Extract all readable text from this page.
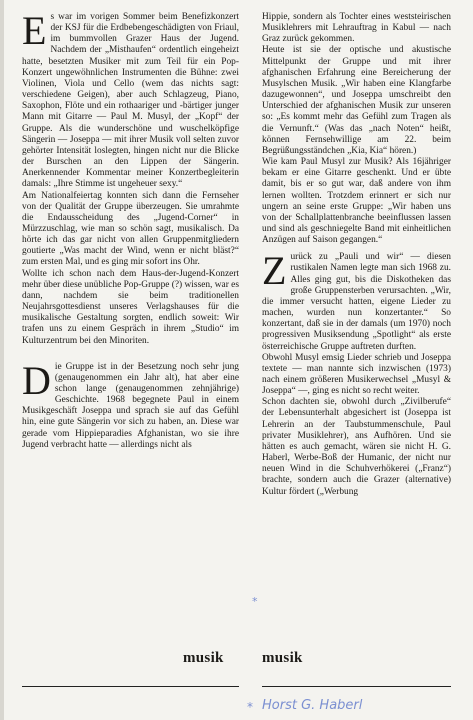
Es war im vorigen Sommer beim Benefizkonzert der KSJ für die Erdbebengeschädigten von Friaul, im bummvollen Grazer Haus der Jugend. Nachdem der „Misthaufen“ ordentlich eingeheizt hatte, besetzten Musiker mit zum Teil für ein Pop-Konzert ungewöhnlichen Instrumenten die Bühne: zwei Violinen, Viola und Cello (wem das nichts sagt: verschiedene Geigen), aber auch Schlagzeug, Piano, Saxophon, Flöte und ein rothaariger und -bärtiger junger Mann mit Gitarre — Paul M. Musyl, der „Kopf“ der Gruppe. Als die wunderschöne und wuschelköpfige Sängerin — Joseppa — mit ihrer Musik voll selten zuvor gehörter Intensität loslegten, hingen nicht nur die Blicke der Burschen an den Lippen der Sängerin. Anerkennender Kommentar meiner Konzertbegleiterin damals: „Ihre Stimme ist ungeheuer sexy.“

Am Nationalfeiertag konnten sich dann die Fernseher von der Qualität der Gruppe überzeugen. Sie umrahmte die Endausscheidung des „Jugend-Corner“ in Mürzzuschlag, wie man so schön sagt, musikalisch. Da hörte ich das gar nicht von allen Gruppenmitgliedern goutierte „Was macht der Wind, wenn er nicht bläst?“ zum ersten Mal, und es ging mir sofort ins Ohr.

Wollte ich schon nach dem Haus-der-Jugend-Konzert mehr über diese unübliche Pop-Gruppe (?) wissen, war es dann, nachdem sie beim traditionellen Neujahrsgottesdienst unseres Verlagshauses für die musikalische Gestaltung sorgten, endlich soweit: Wir trafen uns zu einem Gespräch in ihrem „Studio“ im Kulturzentrum bei den Minoriten.

Die Gruppe ist in der Besetzung noch sehr jung (genaugenommen ein Jahr alt), hat aber eine schon lange (genaugenommen zehnjährige) Geschichte. 1968 begegnete Paul in einem Musikgeschäft Joseppa und sprach sie auf das Gefühl hin, eine gute Sängerin vor sich zu haben, an. Diese war gerade vom Hippieparadies Afghanistan, wo sie ihre Jugend verbracht hatte — allerdings nicht als

Hippie, sondern als Tochter eines weststeirischen Musiklehrers mit Lehrauftrag in Kabul — nach Graz zurück gekommen.

Heute ist sie der optische und akustische Mittelpunkt der Gruppe und mit ihrer afghanischen Erfahrung eine Bereicherung der Musylschen Musik. „Wir haben eine Klangfarbe dazugewonnen“, und Joseppa umschreibt den Unterschied der afghanischen Musik zur unseren so: „Es kommt mehr das Gefühl zum Tragen als die Vernunft.“ (Was das „nach Noten“ heißt, können Fernsehwillige am 22. beim Begrüßungsständchen „Kia, Kia“ hören.)

Wie kam Paul Musyl zur Musik? Als 16jähriger bekam er eine Gitarre geschenkt. Und er übte damit, bis er so gut war, daß andere von ihm lernen wollten. Trotzdem erinnert er sich nur ungern an seine erste Gruppe: „Wir haben uns von der Schallplattenbranche beeinflussen lassen und sind als geschniegelte Band mit einheitlichen Anzügen auf Saison gegangen.“

Zurück zu „Pauli und wir“ — diesen rustikalen Namen legte man sich 1968 zu. Alles ging gut, bis die Diskotheken das große Gruppensterben verursachten. „Wir, die immer versucht hatten, eigene Lieder zu machen, wurden nun konzertanter.“ So konzertant, daß sie in der damals (um 1970) noch progressiven Musiksendung „Spotlight“ als erste österreichische Gruppe auftreten durften.

Obwohl Musyl emsig Lieder schrieb und Joseppa textete — man nannte sich inzwischen (1973) nach einem größeren Musikerwechsel „Musyl & Joseppa“ —, ging es nicht so recht weiter.

Schon dachten sie, obwohl durch „Zivilberufe“ der Lebensunterhalt abgesichert ist (Joseppa ist Lehrerin an der Taubstummenschule, Paul privater Musiklehrer), ans Aufhören. Und sie hätten es auch gemacht, wären sie nicht H. G. Haberl, Werbe-Boß der Humanic, der nicht nur neuen Wind in die Schuhverhökerei („Franz“) brachte, sondern auch die Grazer (alternative) Kultur fördert („Werbung

musik	musik
*
* Horst G. Haberl
